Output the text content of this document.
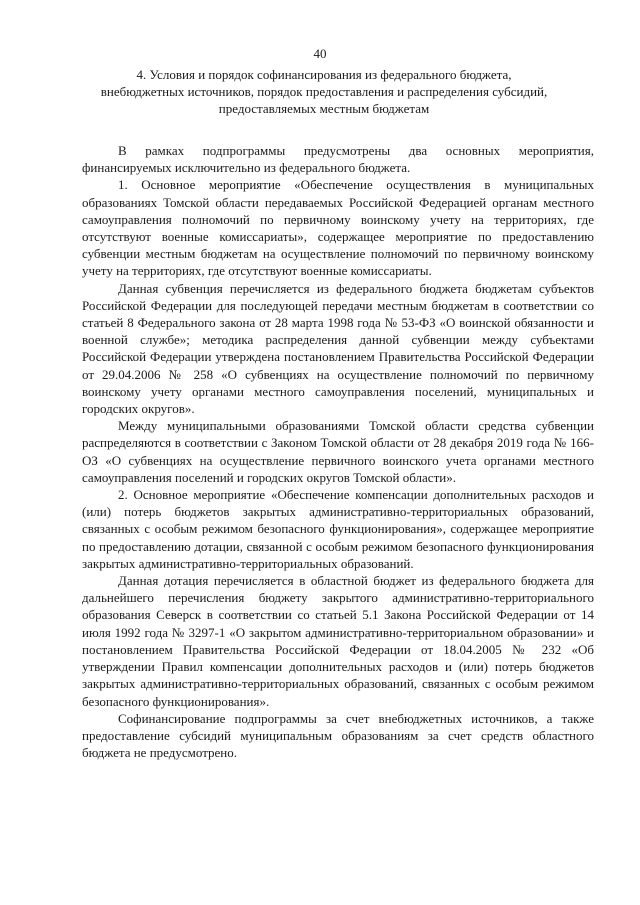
40
4. Условия и порядок софинансирования из федерального бюджета, внебюджетных источников, порядок предоставления и распределения субсидий, предоставляемых местным бюджетам

В рамках подпрограммы предусмотрены два основных мероприятия, финансируемых исключительно из федерального бюджета.

1. Основное мероприятие «Обеспечение осуществления в муниципальных образованиях Томской области передаваемых Российской Федерацией органам местного самоуправления полномочий по первичному воинскому учету на территориях, где отсутствуют военные комиссариаты», содержащее мероприятие по предоставлению субвенции местным бюджетам на осуществление полномочий по первичному воинскому учету на территориях, где отсутствуют военные комиссариаты.

Данная субвенция перечисляется из федерального бюджета бюджетам субъектов Российской Федерации для последующей передачи местным бюджетам в соответствии со статьей 8 Федерального закона от 28 марта 1998 года № 53-ФЗ «О воинской обязанности и военной службе»; методика распределения данной субвенции между субъектами Российской Федерации утверждена постановлением Правительства Российской Федерации от 29.04.2006 № 258 «О субвенциях на осуществление полномочий по первичному воинскому учету органами местного самоуправления поселений, муниципальных и городских округов».

Между муниципальными образованиями Томской области средства субвенции распределяются в соответствии с Законом Томской области от 28 декабря 2019 года № 166-ОЗ «О субвенциях на осуществление первичного воинского учета органами местного самоуправления поселений и городских округов Томской области».

2. Основное мероприятие «Обеспечение компенсации дополнительных расходов и (или) потерь бюджетов закрытых административно-территориальных образований, связанных с особым режимом безопасного функционирования», содержащее мероприятие по предоставлению дотации, связанной с особым режимом безопасного функционирования закрытых административно-территориальных образований.

Данная дотация перечисляется в областной бюджет из федерального бюджета для дальнейшего перечисления бюджету закрытого административно-территориального образования Северск в соответствии со статьей 5.1 Закона Российской Федерации от 14 июля 1992 года № 3297-1 «О закрытом административно-территориальном образовании» и постановлением Правительства Российской Федерации от 18.04.2005 № 232 «Об утверждении Правил компенсации дополнительных расходов и (или) потерь бюджетов закрытых административно-территориальных образований, связанных с особым режимом безопасного функционирования».

Софинансирование подпрограммы за счет внебюджетных источников, а также предоставление субсидий муниципальным образованиям за счет средств областного бюджета не предусмотрено.
